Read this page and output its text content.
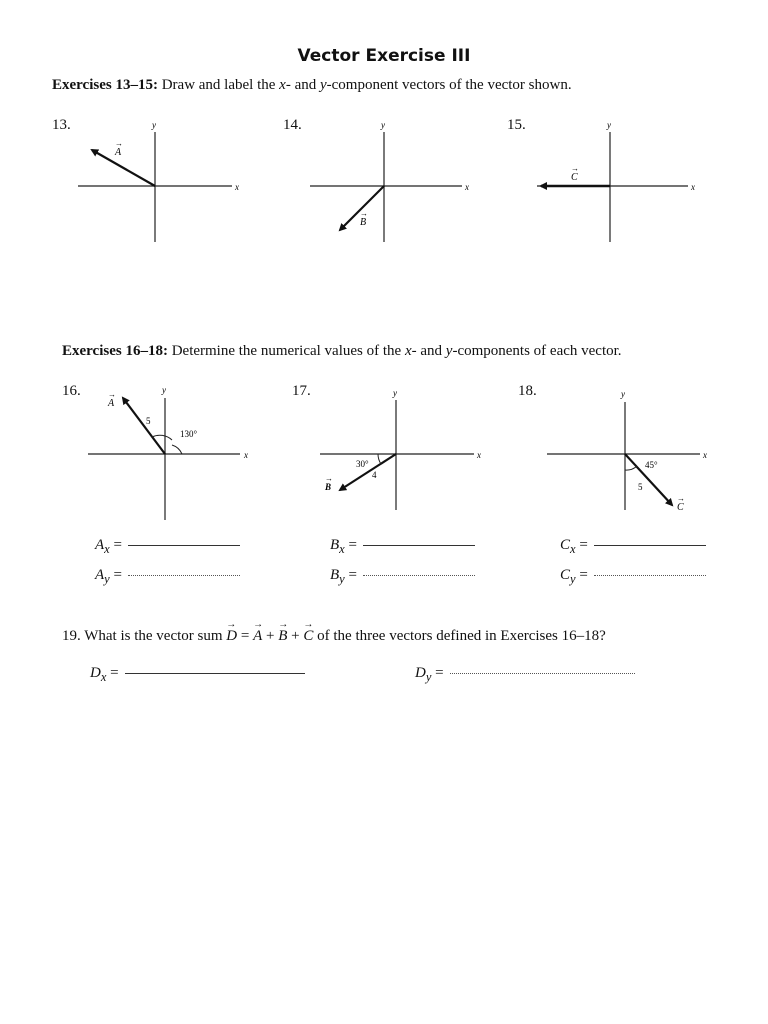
Vector Exercise III
Exercises 13–15: Draw and label the x- and y-component vectors of the vector shown.
13.	14.	15.
y
x
A
→
y
x
B
→
y
x
C
→
y
x
A
→
5
130°
y
x
B
→	4
30°
y
x
C
→
5
45°
Exercises 16–18: Determine the numerical values of the x- and y-components of each vector.
16.	17.	18.
$A_x$ =
$A_y$ =
$B_x$ =
$B_y$ =
$C_x$ =
$C_y$ =
19. What is the vector sum → D = → A + → B + → C of the three vectors defined in Exercises 16–18?
$D_x$ =	$D_y$ =
